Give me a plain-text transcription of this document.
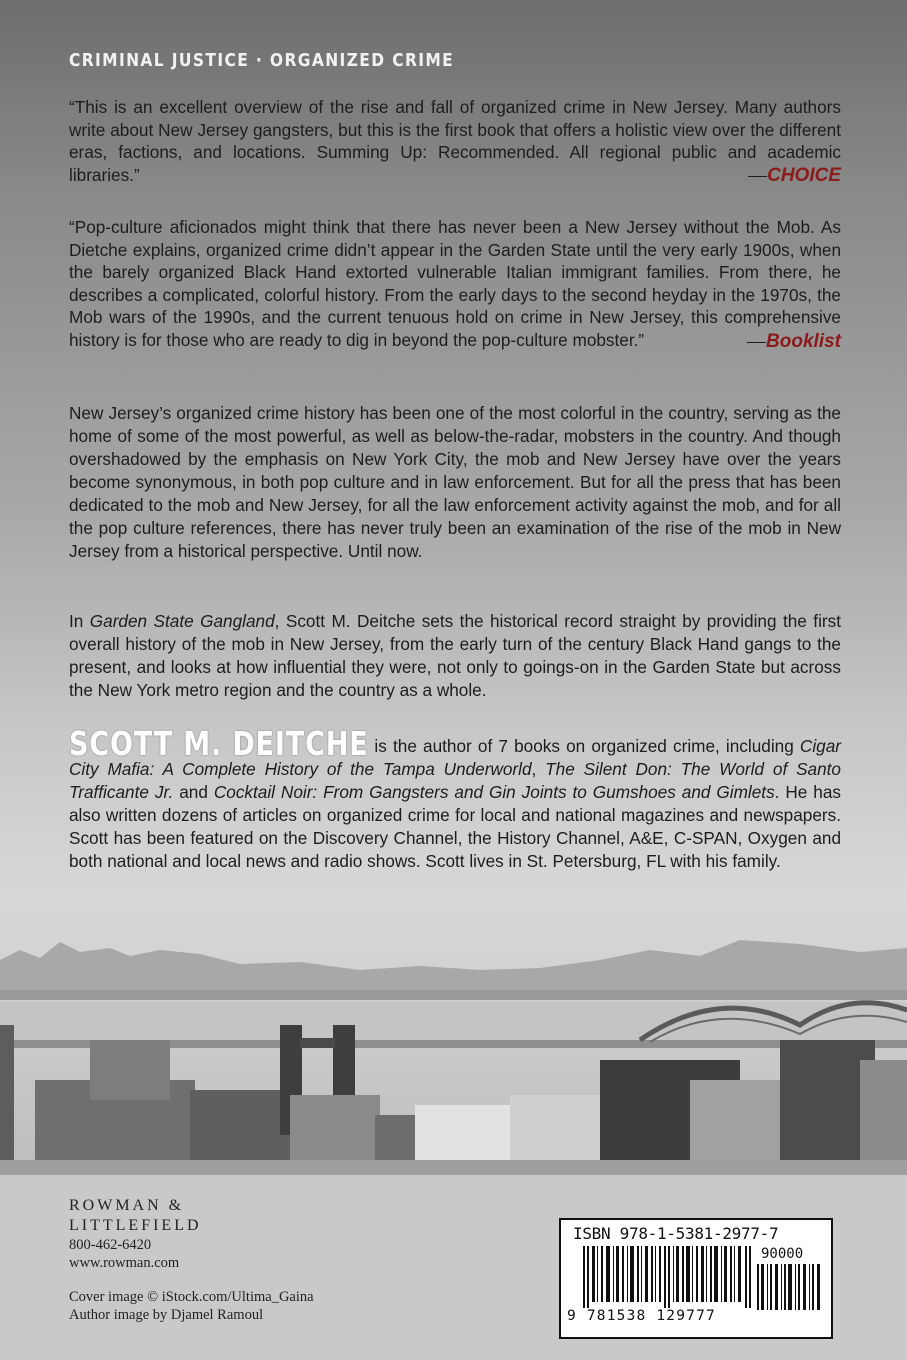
CRIMINAL JUSTICE · ORGANIZED CRIME
“This is an excellent overview of the rise and fall of organized crime in New Jersey. Many authors write about New Jersey gangsters, but this is the first book that offers a holistic view over the different eras, factions, and locations. Summing Up: Recommended. All regional public and academic libraries.”	—CHOICE
“Pop-culture aficionados might think that there has never been a New Jersey without the Mob. As Dietche explains, organized crime didn’t appear in the Garden State until the very early 1900s, when the barely organized Black Hand extorted vulnerable Italian immigrant families. From there, he describes a complicated, colorful history. From the early days to the second heyday in the 1970s, the Mob wars of the 1990s, and the current tenuous hold on crime in New Jersey, this comprehensive history is for those who are ready to dig in beyond the pop-culture mobster.”	—Booklist
New Jersey’s organized crime history has been one of the most colorful in the country, serving as the home of some of the most powerful, as well as below-the-radar, mobsters in the country. And though overshadowed by the emphasis on New York City, the mob and New Jersey have over the years become synonymous, in both pop culture and in law enforcement. But for all the press that has been dedicated to the mob and New Jersey, for all the law enforcement activity against the mob, and for all the pop culture references, there has never truly been an examination of the rise of the mob in New Jersey from a historical perspective. Until now.
In Garden State Gangland, Scott M. Deitche sets the historical record straight by providing the first overall history of the mob in New Jersey, from the early turn of the century Black Hand gangs to the present, and looks at how influential they were, not only to goings-on in the Garden State but across the New York metro region and the country as a whole.
SCOTT M. DEITCHE is the author of 7 books on organized crime, including Cigar City Mafia: A Complete History of the Tampa Underworld, The Silent Don: The World of Santo Trafficante Jr. and Cocktail Noir: From Gangsters and Gin Joints to Gumshoes and Gimlets. He has also written dozens of articles on organized crime for local and national magazines and newspapers. Scott has been featured on the Discovery Channel, the History Channel, A&E, C-SPAN, Oxygen and both national and local news and radio shows. Scott lives in St. Petersburg, FL with his family.
ROWMAN &
LITTLEFIELD
800-462-6420
www.rowman.com
Cover image © iStock.com/Ultima_Gaina
Author image by Djamel Ramoul
ISBN 978-1-5381-2977-7
90000
9 781538 129777
